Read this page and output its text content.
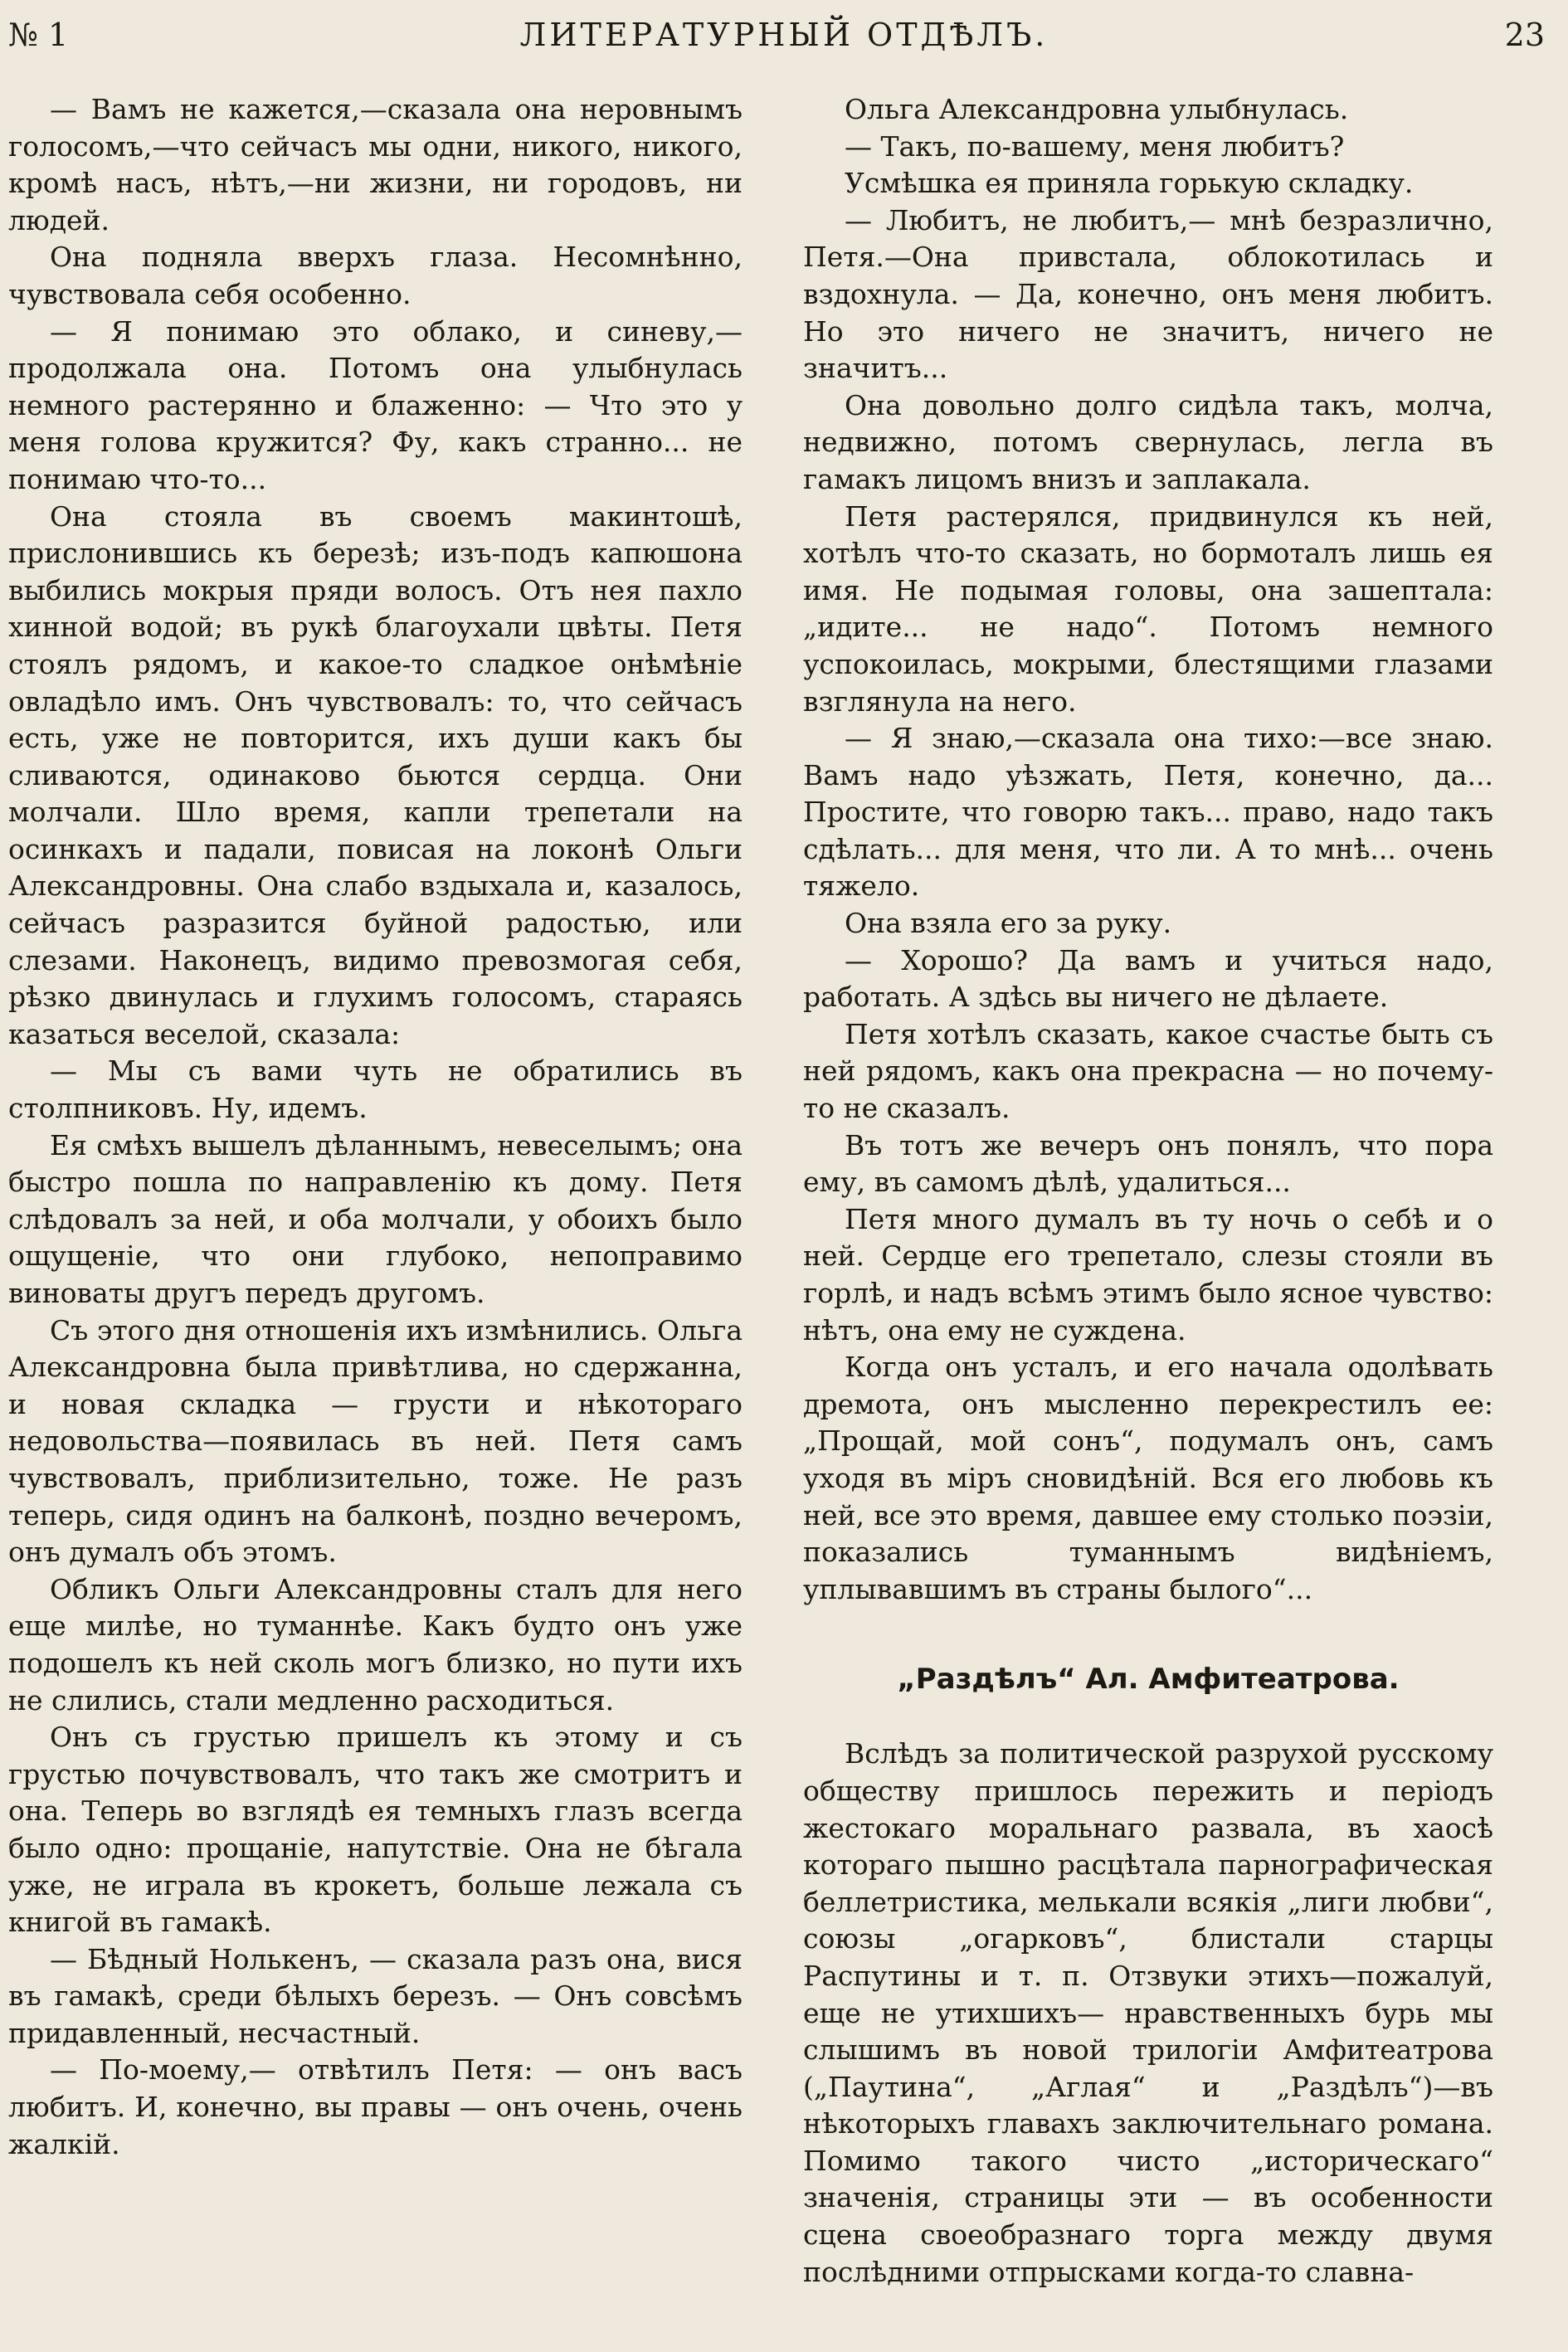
№ 1	ЛИТЕРАТУРНЫЙ ОТДѢЛЪ.	23

— Вамъ не кажется,—сказала она неровнымъ голосомъ,—что сейчасъ мы одни, никого, никого, кромѣ насъ, нѣтъ,—ни жизни, ни городовъ, ни людей.

Она подняла вверхъ глаза. Несомнѣнно, чувствовала себя особенно.

— Я понимаю это облако, и синеву,—продолжала она. Потомъ она улыбнулась немного растерянно и блаженно: — Что это у меня голова кружится? Фу, какъ странно... не понимаю что-то...

Она стояла въ своемъ макинтошѣ, прислонившись къ березѣ; изъ-подъ капюшона выбились мокрыя пряди волосъ. Отъ нея пахло хинной водой; въ рукѣ благоухали цвѣты. Петя стоялъ рядомъ, и какое-то сладкое онѣмѣніе овладѣло имъ. Онъ чувствовалъ: то, что сейчасъ есть, уже не повторится, ихъ души какъ бы сливаются, одинаково бьются сердца. Они молчали. Шло время, капли трепетали на осинкахъ и падали, повисая на локонѣ Ольги Александровны. Она слабо вздыхала и, казалось, сейчасъ разразится буйной радостью, или слезами. Наконецъ, видимо превозмогая себя, рѣзко двинулась и глухимъ голосомъ, стараясь казаться веселой, сказала:

— Мы съ вами чуть не обратились въ столпниковъ. Ну, идемъ.

Ея смѣхъ вышелъ дѣланнымъ, невеселымъ; она быстро пошла по направленію къ дому. Петя слѣдовалъ за ней, и оба молчали, у обоихъ было ощущеніе, что они глубоко, непоправимо виноваты другъ передъ другомъ.

Съ этого дня отношенія ихъ измѣнились. Ольга Александровна была привѣтлива, но сдержанна, и новая складка — грусти и нѣкотораго недовольства—появилась въ ней. Петя самъ чувствовалъ, приблизительно, тоже. Не разъ теперь, сидя одинъ на балконѣ, поздно вечеромъ, онъ думалъ объ этомъ.

Обликъ Ольги Александровны сталъ для него еще милѣе, но туманнѣе. Какъ будто онъ уже подошелъ къ ней сколь могъ близко, но пути ихъ не слились, стали медленно расходиться.

Онъ съ грустью пришелъ къ этому и съ грустью почувствовалъ, что такъ же смотритъ и она. Теперь во взглядѣ ея темныхъ глазъ всегда было одно: прощаніе, напутствіе. Она не бѣгала уже, не играла въ крокетъ, больше лежала съ книгой въ гамакѣ.

— Бѣдный Нолькенъ, — сказала разъ она, вися въ гамакѣ, среди бѣлыхъ березъ. — Онъ совсѣмъ придавленный, несчастный.

— По-моему,— отвѣтилъ Петя: — онъ васъ любитъ. И, конечно, вы правы — онъ очень, очень жалкій.

Ольга Александровна улыбнулась.

— Такъ, по-вашему, меня любитъ?

Усмѣшка ея приняла горькую складку.

— Любитъ, не любитъ,— мнѣ безразлично, Петя.—Она привстала, облокотилась и вздохнула. — Да, конечно, онъ меня любитъ. Но это ничего не значитъ, ничего не значитъ...

Она довольно долго сидѣла такъ, молча, недвижно, потомъ свернулась, легла въ гамакъ лицомъ внизъ и заплакала.

Петя растерялся, придвинулся къ ней, хотѣлъ что-то сказать, но бормоталъ лишь ея имя. Не подымая головы, она зашептала: „идите... не надо“. Потомъ немного успокоилась, мокрыми, блестящими глазами взглянула на него.

— Я знаю,—сказала она тихо:—все знаю. Вамъ надо уѣзжать, Петя, конечно, да... Простите, что говорю такъ... право, надо такъ сдѣлать... для меня, что ли. А то мнѣ... очень тяжело.

Она взяла его за руку.

— Хорошо? Да вамъ и учиться надо, работать. А здѣсь вы ничего не дѣлаете.

Петя хотѣлъ сказать, какое счастье быть съ ней рядомъ, какъ она прекрасна — но почему-то не сказалъ.

Въ тотъ же вечеръ онъ понялъ, что пора ему, въ самомъ дѣлѣ, удалиться...

Петя много думалъ въ ту ночь о себѣ и о ней. Сердце его трепетало, слезы стояли въ горлѣ, и надъ всѣмъ этимъ было ясное чувство: нѣтъ, она ему не суждена.

Когда онъ усталъ, и его начала одолѣвать дремота, онъ мысленно перекрестилъ ее: „Прощай, мой сонъ“, подумалъ онъ, самъ уходя въ міръ сновидѣній. Вся его любовь къ ней, все это время, давшее ему столько поэзіи, показались туманнымъ видѣніемъ, уплывавшимъ въ страны былого“...

„Раздѣлъ“ Ал. Амфитеатрова.

Вслѣдъ за политической разрухой русскому обществу пришлось пережить и періодъ жестокаго моральнаго развала, въ хаосѣ котораго пышно расцѣтала парнографическая беллетристика, мелькали всякія „лиги любви“, союзы „огарковъ“, блистали старцы Распутины и т. п. Отзвуки этихъ—пожалуй, еще не утихшихъ— нравственныхъ бурь мы слышимъ въ новой трилогіи Амфитеатрова („Паутина“, „Аглая“ и „Раздѣлъ“)—въ нѣкоторыхъ главахъ заключительнаго романа. Помимо такого чисто „историческаго“ значенія, страницы эти — въ особенности сцена своеобразнаго торга между двумя послѣдними отпрысками когда-то славна-
